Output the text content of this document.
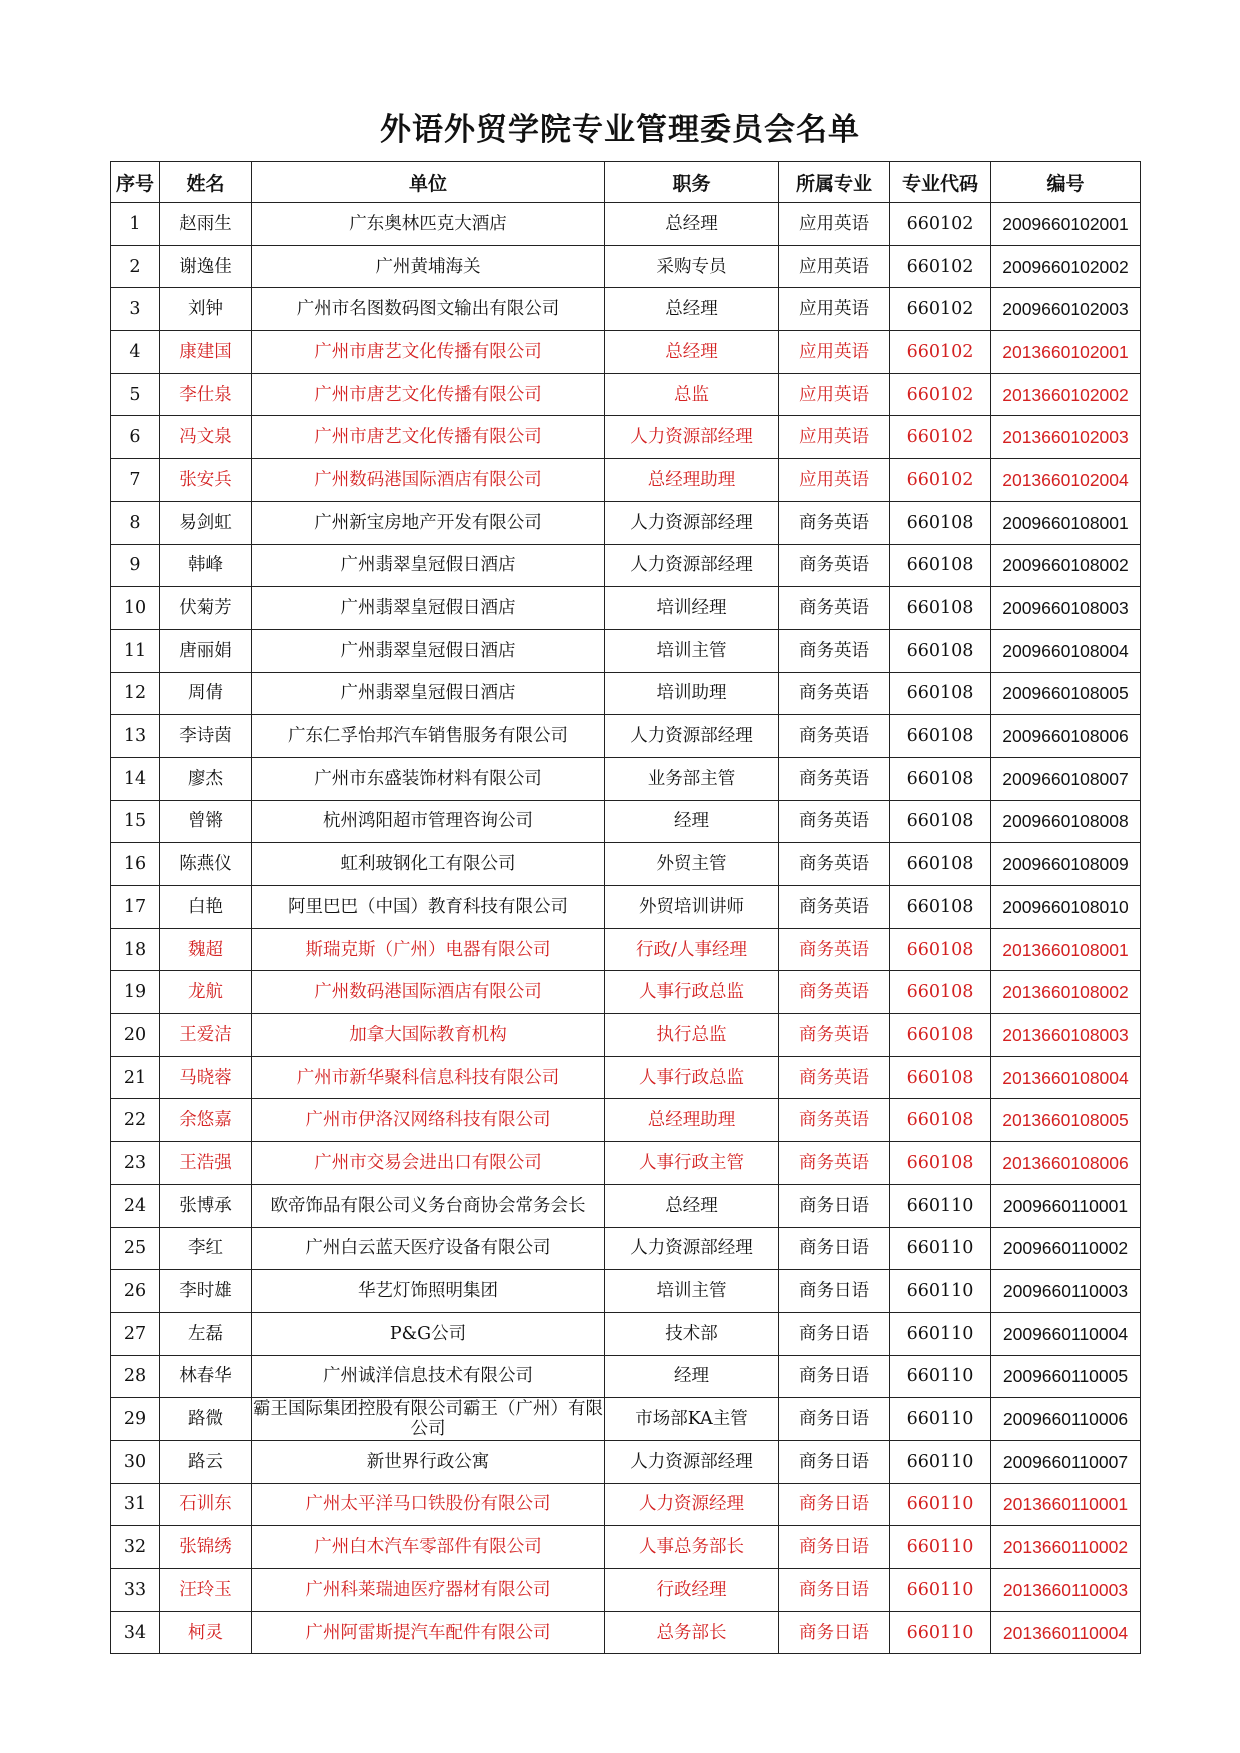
外语外贸学院专业管理委员会名单
序号	姓名	单位	职务	所属专业	专业代码	编号
1	赵雨生	广东奥林匹克大酒店	总经理	应用英语	660102	2009660102001
2	谢逸佳	广州黄埔海关	采购专员	应用英语	660102	2009660102002
3	刘钟	广州市名图数码图文输出有限公司	总经理	应用英语	660102	2009660102003
4	康建国	广州市唐艺文化传播有限公司	总经理	应用英语	660102	2013660102001
5	李仕泉	广州市唐艺文化传播有限公司	总监	应用英语	660102	2013660102002
6	冯文泉	广州市唐艺文化传播有限公司	人力资源部经理	应用英语	660102	2013660102003
7	张安兵	广州数码港国际酒店有限公司	总经理助理	应用英语	660102	2013660102004
8	易剑虹	广州新宝房地产开发有限公司	人力资源部经理	商务英语	660108	2009660108001
9	韩峰	广州翡翠皇冠假日酒店	人力资源部经理	商务英语	660108	2009660108002
10	伏菊芳	广州翡翠皇冠假日酒店	培训经理	商务英语	660108	2009660108003
11	唐丽娟	广州翡翠皇冠假日酒店	培训主管	商务英语	660108	2009660108004
12	周倩	广州翡翠皇冠假日酒店	培训助理	商务英语	660108	2009660108005
13	李诗茵	广东仁孚怡邦汽车销售服务有限公司	人力资源部经理	商务英语	660108	2009660108006
14	廖杰	广州市东盛装饰材料有限公司	业务部主管	商务英语	660108	2009660108007
15	曾锵	杭州鸿阳超市管理咨询公司	经理	商务英语	660108	2009660108008
16	陈燕仪	虹利玻钢化工有限公司	外贸主管	商务英语	660108	2009660108009
17	白艳	阿里巴巴（中国）教育科技有限公司	外贸培训讲师	商务英语	660108	2009660108010
18	魏超	斯瑞克斯（广州）电器有限公司	行政/人事经理	商务英语	660108	2013660108001
19	龙航	广州数码港国际酒店有限公司	人事行政总监	商务英语	660108	2013660108002
20	王爱洁	加拿大国际教育机构	执行总监	商务英语	660108	2013660108003
21	马晓蓉	广州市新华聚科信息科技有限公司	人事行政总监	商务英语	660108	2013660108004
22	余悠嘉	广州市伊洛汉网络科技有限公司	总经理助理	商务英语	660108	2013660108005
23	王浩强	广州市交易会进出口有限公司	人事行政主管	商务英语	660108	2013660108006
24	张博承	欧帝饰品有限公司义务台商协会常务会长	总经理	商务日语	660110	2009660110001
25	李红	广州白云蓝天医疗设备有限公司	人力资源部经理	商务日语	660110	2009660110002
26	李时雄	华艺灯饰照明集团	培训主管	商务日语	660110	2009660110003
27	左磊	P&G公司	技术部	商务日语	660110	2009660110004
28	林春华	广州诚洋信息技术有限公司	经理	商务日语	660110	2009660110005
29	路微	霸王国际集团控股有限公司霸王（广州）有限公司	市场部KA主管	商务日语	660110	2009660110006
30	路云	新世界行政公寓	人力资源部经理	商务日语	660110	2009660110007
31	石训东	广州太平洋马口铁股份有限公司	人力资源经理	商务日语	660110	2013660110001
32	张锦绣	广州白木汽车零部件有限公司	人事总务部长	商务日语	660110	2013660110002
33	汪玲玉	广州科莱瑞迪医疗器材有限公司	行政经理	商务日语	660110	2013660110003
34	柯灵	广州阿雷斯提汽车配件有限公司	总务部长	商务日语	660110	2013660110004
